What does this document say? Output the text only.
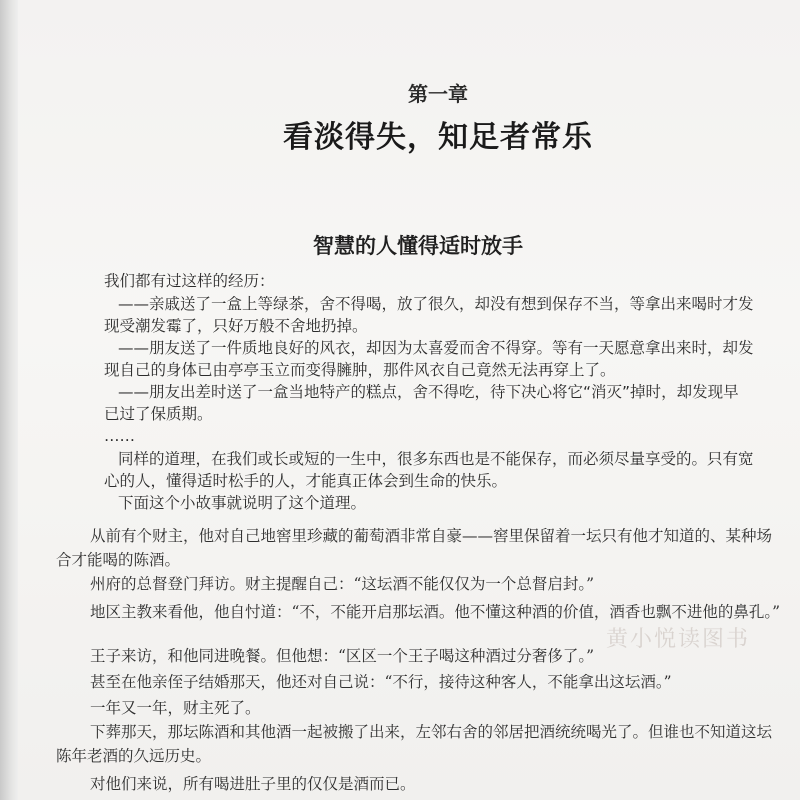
第一章
看淡得失，知足者常乐
智慧的人懂得适时放手
我们都有过这样的经历：
——亲戚送了一盒上等绿茶，舍不得喝，放了很久，却没有想到保存不当，等拿出来喝时才发现受潮发霉了，只好万般不舍地扔掉。
——朋友送了一件质地良好的风衣，却因为太喜爱而舍不得穿。等有一天愿意拿出来时，却发现自己的身体已由亭亭玉立而变得臃肿，那件风衣自己竟然无法再穿上了。
——朋友出差时送了一盒当地特产的糕点，舍不得吃，待下决心将它“消灭”掉时，却发现早已过了保质期。
……
同样的道理，在我们或长或短的一生中，很多东西也是不能保存，而必须尽量享受的。只有宽心的人，懂得适时松手的人，才能真正体会到生命的快乐。
下面这个小故事就说明了这个道理。
从前有个财主，他对自己地窖里珍藏的葡萄酒非常自豪——窖里保留着一坛只有他才知道的、某种场合才能喝的陈酒。
州府的总督登门拜访。财主提醒自己：“这坛酒不能仅仅为一个总督启封。”
地区主教来看他，他自忖道：“不，不能开启那坛酒。他不懂这种酒的价值，酒香也飘不进他的鼻孔。”
王子来访，和他同进晚餐。但他想：“区区一个王子喝这种酒过分奢侈了。”
甚至在他亲侄子结婚那天，他还对自己说：“不行，接待这种客人，不能拿出这坛酒。”
一年又一年，财主死了。
下葬那天，那坛陈酒和其他酒一起被搬了出来，左邻右舍的邻居把酒统统喝光了。但谁也不知道这坛陈年老酒的久远历史。
对他们来说，所有喝进肚子里的仅仅是酒而已。
黄小悦读图书
